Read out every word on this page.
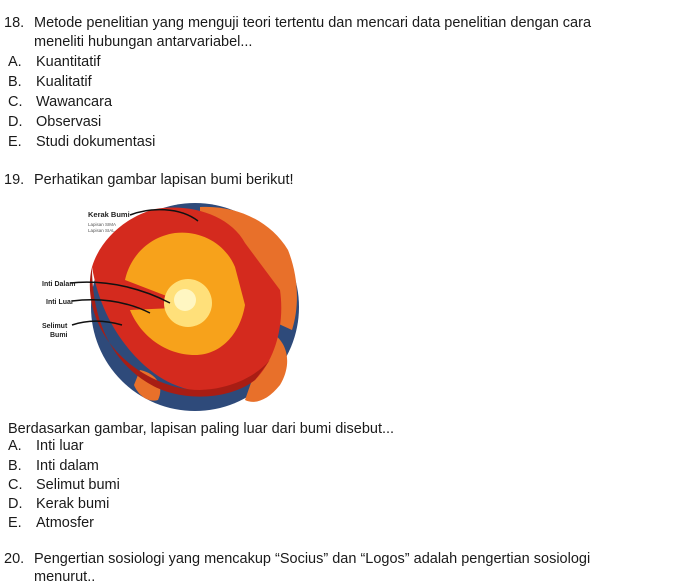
18. Metode penelitian yang menguji teori tertentu dan mencari data penelitian dengan cara
meneliti hubungan antarvariabel...
A. Kuantitatif
B. Kualitatif
C. Wawancara
D. Observasi
E. Studi dokumentasi
19. Perhatikan gambar lapisan bumi berikut!
Kerak Bumi
Lapisan SIMA
Lapisan SIAL
Inti Dalam
Inti Luar
Selimut
Bumi
Berdasarkan gambar, lapisan paling luar dari bumi disebut...
A. Inti luar
B. Inti dalam
C. Selimut bumi
D. Kerak bumi
E. Atmosfer
20. Pengertian sosiologi yang mencakup “Socius” dan “Logos” adalah pengertian sosiologi
menurut..
